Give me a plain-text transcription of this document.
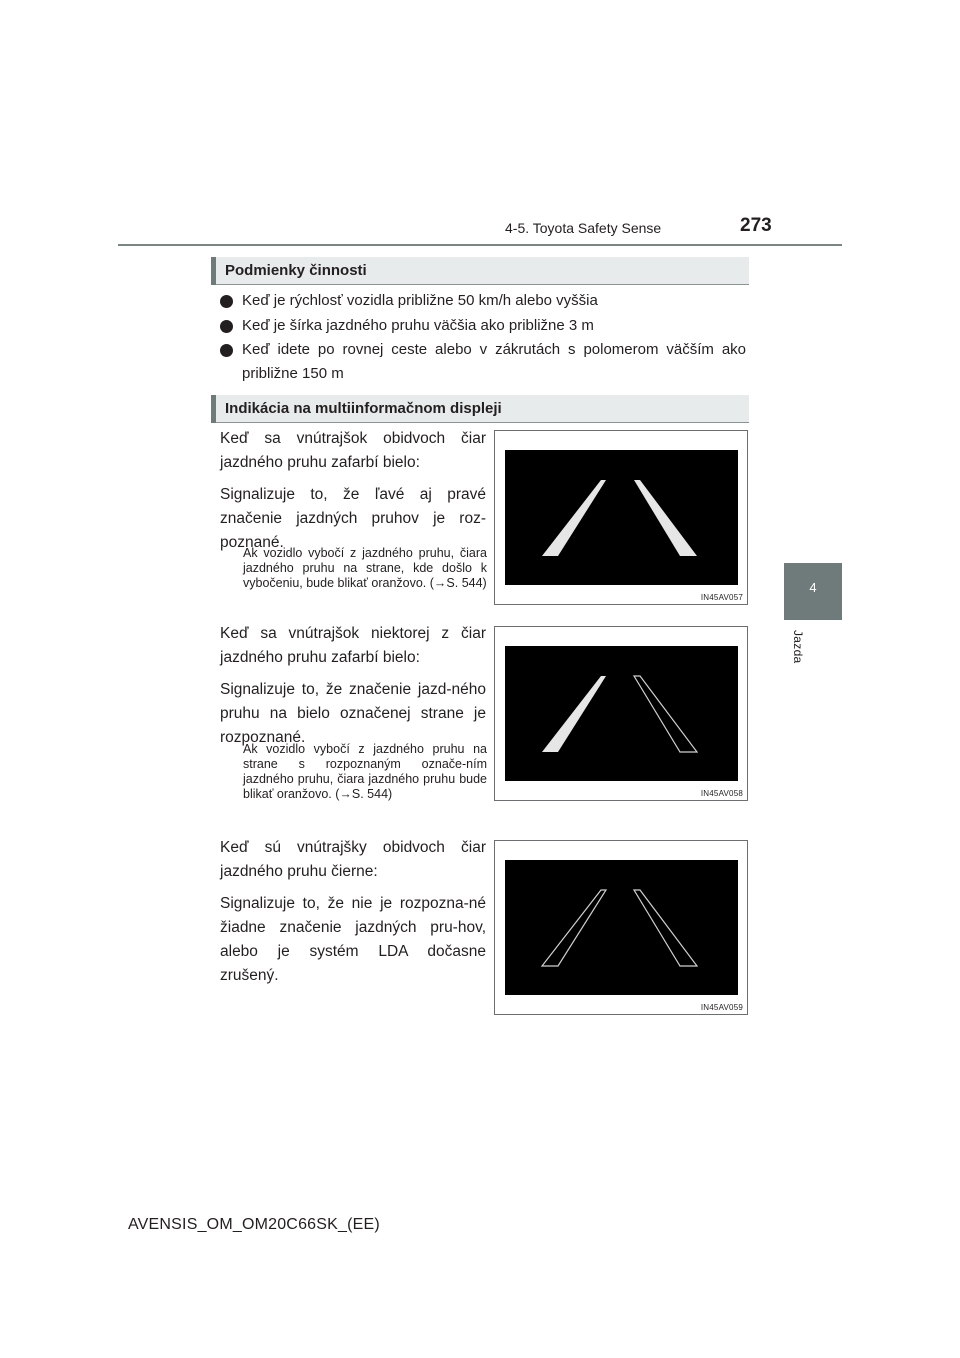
4-5. Toyota Safety Sense	273
4
Jazda
Podmienky činnosti
Keď je rýchlosť vozidla približne 50 km/h alebo vyššia
Keď je šírka jazdného pruhu väčšia ako približne 3 m
Keď idete po rovnej ceste alebo v zákrutách s polomerom väčším ako približne 150 m
Indikácia na multiinformačnom displeji

Keď sa vnútrajšok obidvoch čiar jazdného pruhu zafarbí bielo:

Signalizuje to, že ľavé aj pravé značenie jazdných pruhov je roz-poznané.

Ak vozidlo vybočí z jazdného pruhu, čiara jazdného pruhu na strane, kde došlo k vybočeniu, bude blikať oranžovo. (→S. 544)
IN45AV057

Keď sa vnútrajšok niektorej z čiar jazdného pruhu zafarbí bielo:

Signalizuje to, že značenie jazd-ného pruhu na bielo označenej strane je rozpoznané.

Ak vozidlo vybočí z jazdného pruhu na strane s rozpoznaným označe-ním jazdného pruhu, čiara jazdného pruhu bude blikať oranžovo. (→S. 544)	IN45AV058

Keď sú vnútrajšky obidvoch čiar jazdného pruhu čierne:

Signalizuje to, že nie je rozpozna-né žiadne značenie jazdných pru-hov, alebo je systém LDA dočasne zrušený.

IN45AV059
AVENSIS_OM_OM20C66SK_(EE)
